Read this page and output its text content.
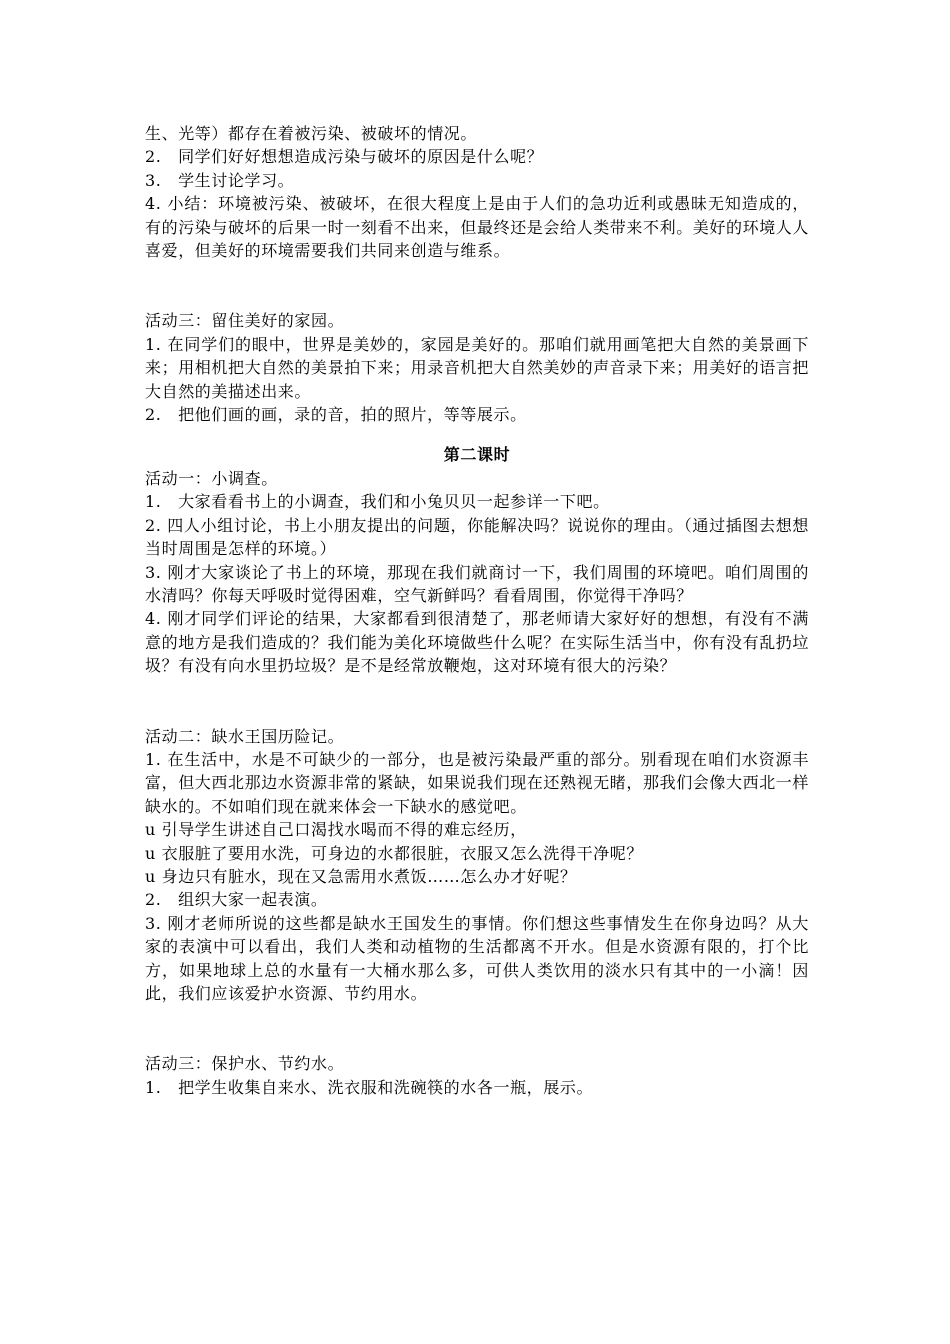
生、光等）都存在着被污染、被破坏的情况。

2.　同学们好好想想造成污染与破坏的原因是什么呢？

3.　学生讨论学习。

4. 小结：环境被污染、被破坏，在很大程度上是由于人们的急功近利或愚昧无知造成的，有的污染与破坏的后果一时一刻看不出来，但最终还是会给人类带来不利。美好的环境人人喜爱，但美好的环境需要我们共同来创造与维系。

活动三：留住美好的家园。

1. 在同学们的眼中，世界是美妙的，家园是美好的。那咱们就用画笔把大自然的美景画下来；用相机把大自然的美景拍下来；用录音机把大自然美妙的声音录下来；用美好的语言把大自然的美描述出来。

2.　把他们画的画，录的音，拍的照片，等等展示。

第二课时

活动一：小调查。

1.　大家看看书上的小调查，我们和小兔贝贝一起参详一下吧。

2. 四人小组讨论，书上小朋友提出的问题，你能解决吗？说说你的理由。（通过插图去想想当时周围是怎样的环境。）

3. 刚才大家谈论了书上的环境，那现在我们就商讨一下，我们周围的环境吧。咱们周围的水清吗？你每天呼吸时觉得困难，空气新鲜吗？看看周围，你觉得干净吗？

4. 刚才同学们评论的结果，大家都看到很清楚了，那老师请大家好好的想想，有没有不满意的地方是我们造成的？我们能为美化环境做些什么呢？在实际生活当中，你有没有乱扔垃圾？有没有向水里扔垃圾？是不是经常放鞭炮，这对环境有很大的污染？

活动二：缺水王国历险记。

1. 在生活中，水是不可缺少的一部分，也是被污染最严重的部分。别看现在咱们水资源丰富，但大西北那边水资源非常的紧缺，如果说我们现在还熟视无睹，那我们会像大西北一样缺水的。不如咱们现在就来体会一下缺水的感觉吧。

u 引导学生讲述自己口渴找水喝而不得的难忘经历，

u 衣服脏了要用水洗，可身边的水都很脏，衣服又怎么洗得干净呢？

u 身边只有脏水，现在又急需用水煮饭……怎么办才好呢？

2.　组织大家一起表演。

3. 刚才老师所说的这些都是缺水王国发生的事情。你们想这些事情发生在你身边吗？从大家的表演中可以看出，我们人类和动植物的生活都离不开水。但是水资源有限的，打个比方，如果地球上总的水量有一大桶水那么多，可供人类饮用的淡水只有其中的一小滴！因此，我们应该爱护水资源、节约用水。

活动三：保护水、节约水。

1.　把学生收集自来水、洗衣服和洗碗筷的水各一瓶，展示。
